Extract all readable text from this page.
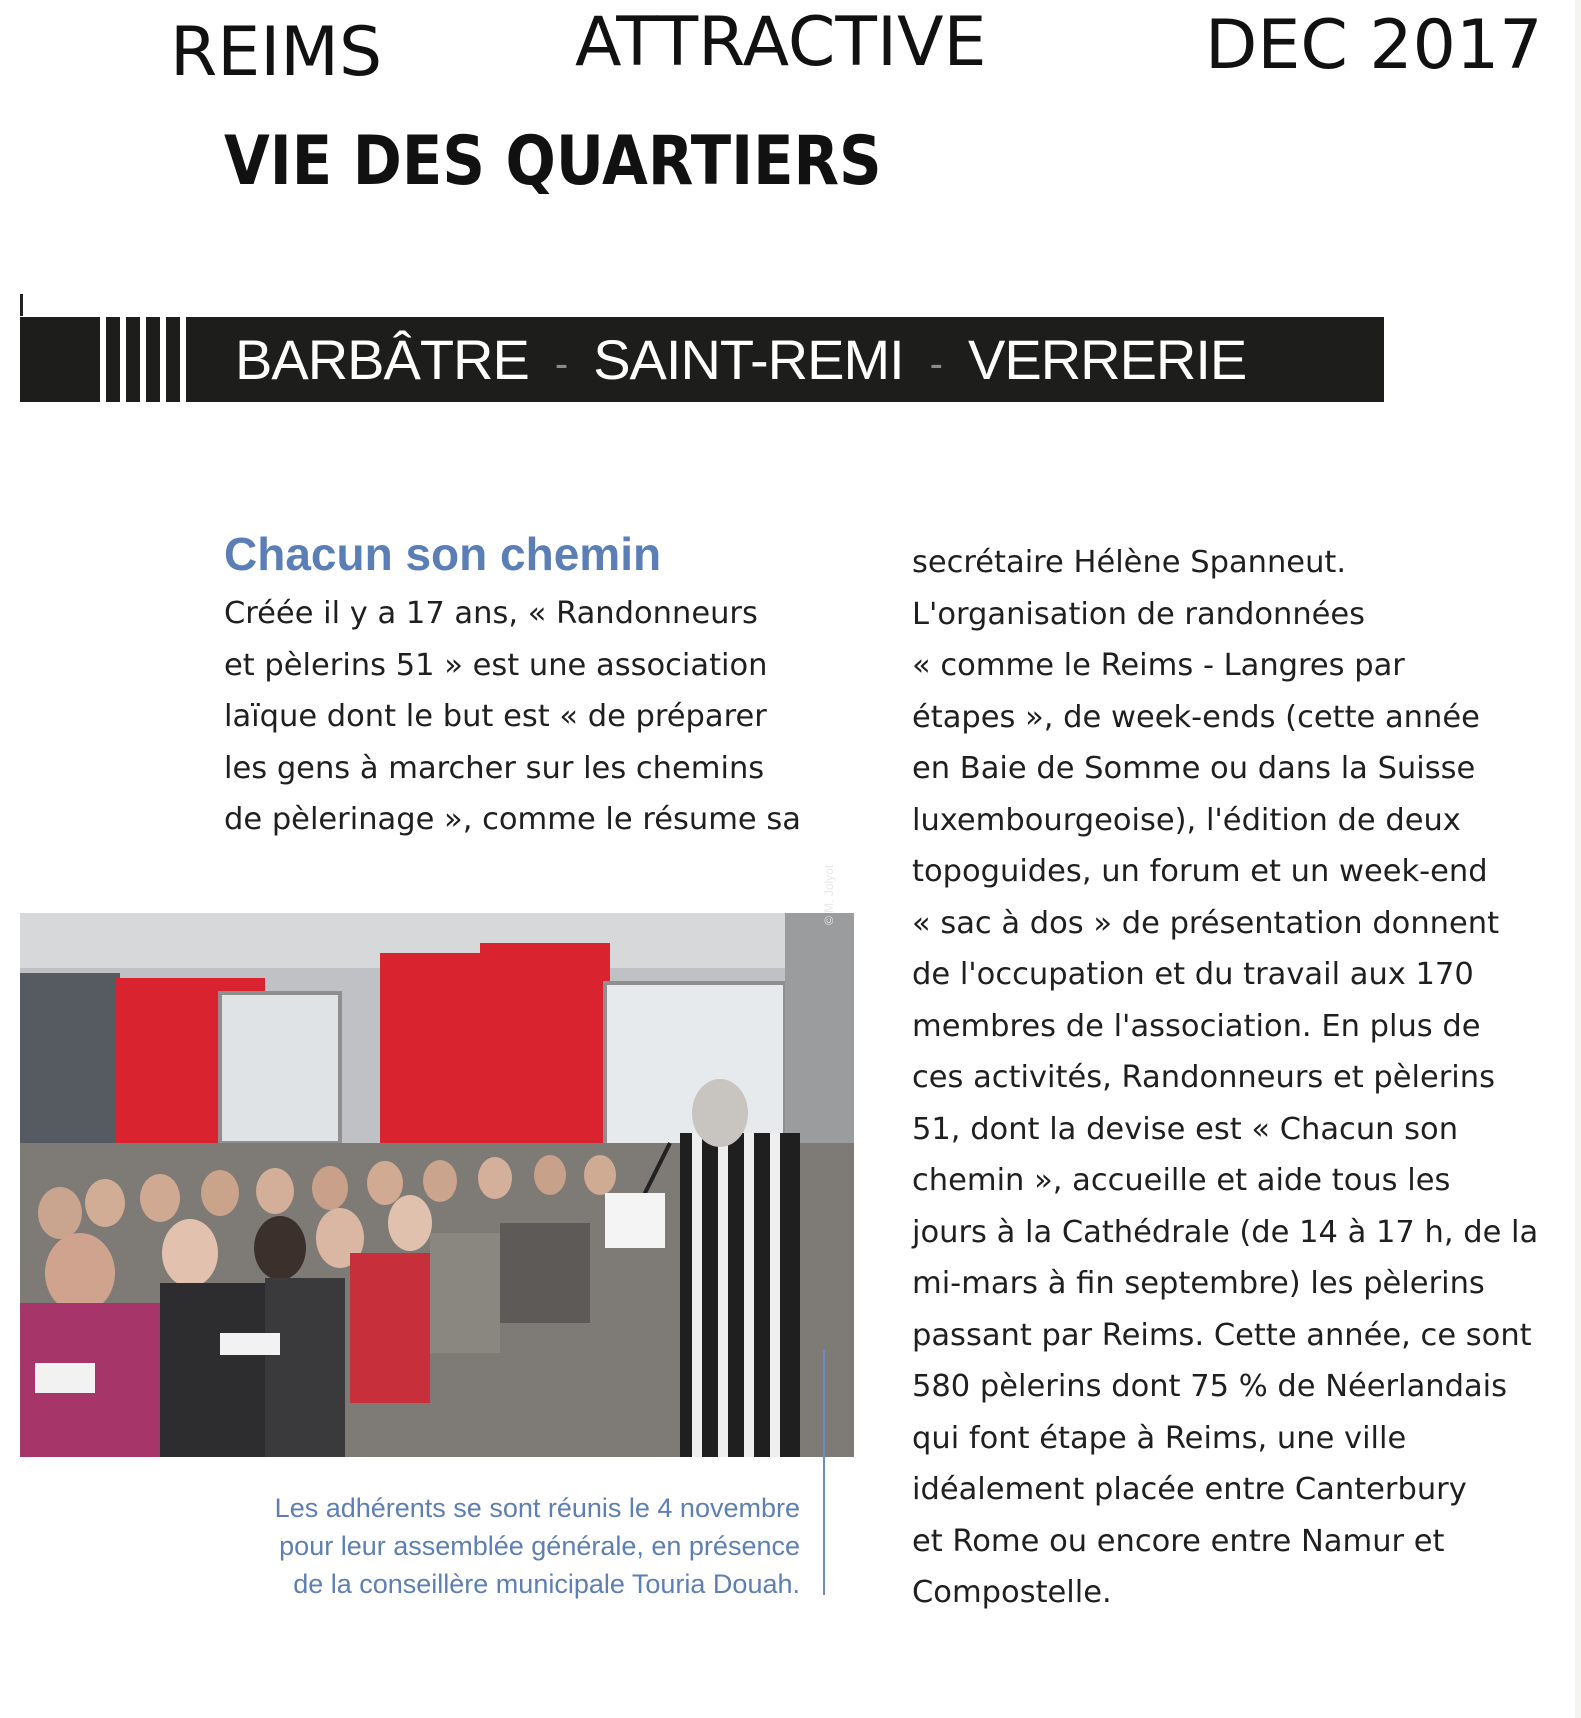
REIMS	ATTRACTIVE	DEC 2017
VIE DES QUARTIERS
BARBÂTRE - SAINT-REMI - VERRERIE
Chacun son chemin

Créée il y a 17 ans, « Randonneurs
et pèlerins 51 » est une association
laïque dont le but est « de préparer
les gens à marcher sur les chemins
de pèlerinage », comme le résume sa

secrétaire Hélène Spanneut.
L'organisation de randonnées
« comme le Reims - Langres par
étapes », de week-ends (cette année
en Baie de Somme ou dans la Suisse
luxembourgeoise), l'édition de deux
topoguides, un forum et un week-end
« sac à dos » de présentation donnent
de l'occupation et du travail aux 170
membres de l'association. En plus de
ces activités, Randonneurs et pèlerins
51, dont la devise est « Chacun son
chemin », accueille et aide tous les
jours à la Cathédrale (de 14 à 17 h, de la
mi-mars à fin septembre) les pèlerins
passant par Reims. Cette année, ce sont
580 pèlerins dont 75 % de Néerlandais
qui font étape à Reims, une ville
idéalement placée entre Canterbury
et Rome ou encore entre Namur et
Compostelle.

© M. Jolyot

Les adhérents se sont réunis le 4 novembre
pour leur assemblée générale, en présence
de la conseillère municipale Touria Douah.
